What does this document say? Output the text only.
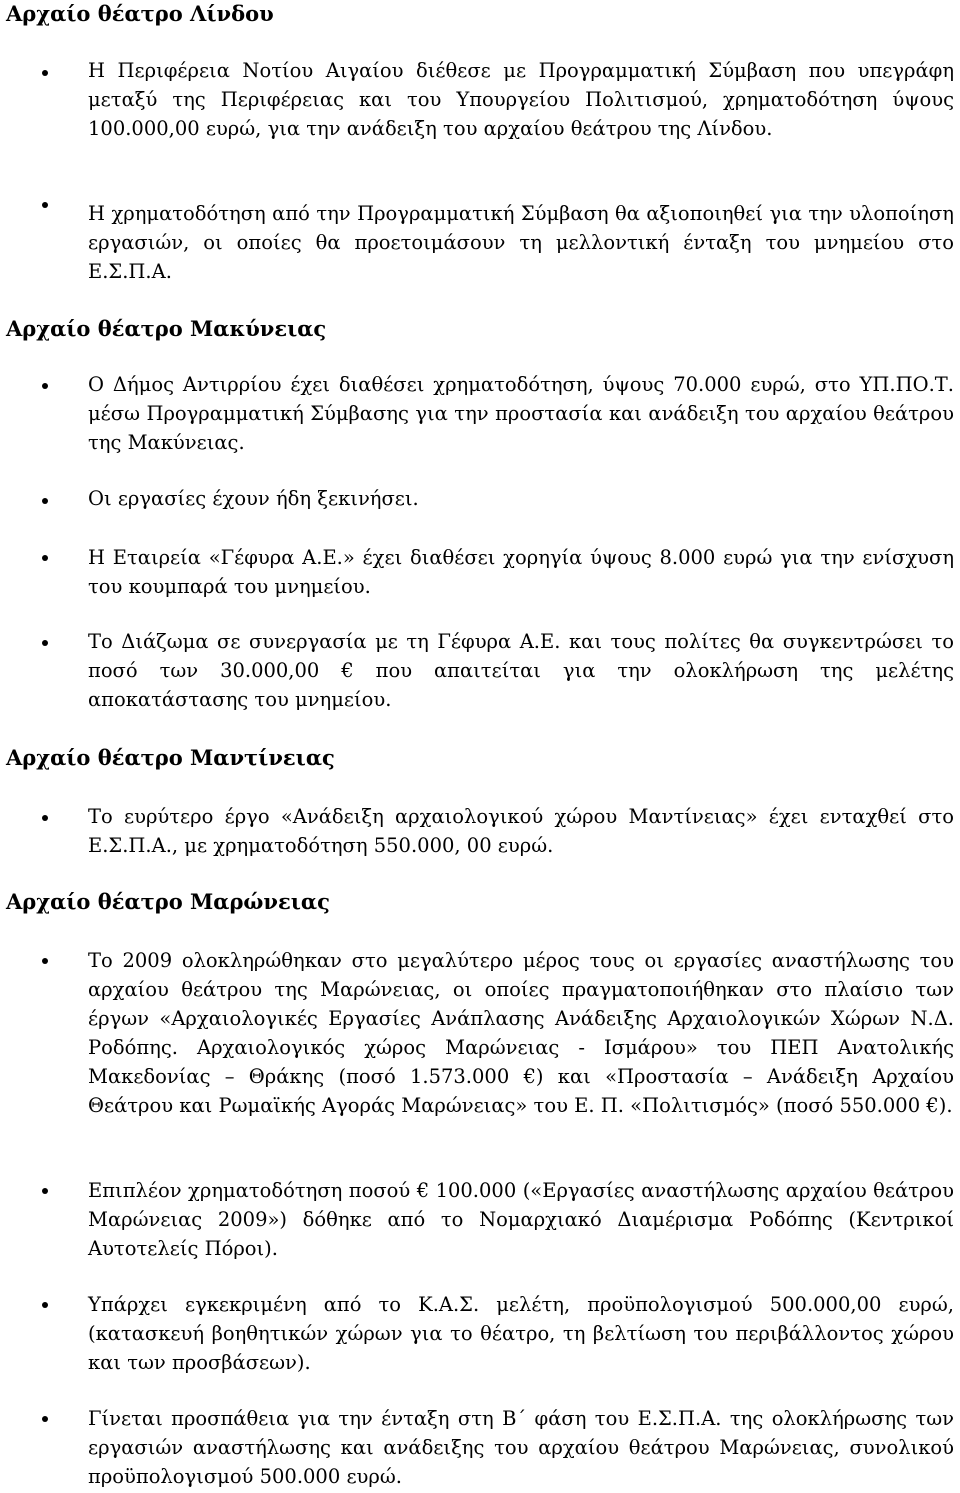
Αρχαίο θέατρο Λίνδου

Η Περιφέρεια Νοτίου Αιγαίου διέθεσε με Προγραμματική Σύμβαση που υπεγράφη μεταξύ της Περιφέρειας και του Υπουργείου Πολιτισμού, χρηματοδότηση ύψους 100.000,00 ευρώ, για την ανάδειξη του αρχαίου θεάτρου της Λίνδου.

Η χρηματοδότηση από την Προγραμματική Σύμβαση θα αξιοποιηθεί για την υλοποίηση εργασιών, οι οποίες θα προετοιμάσουν τη μελλοντική ένταξη του μνημείου στο Ε.Σ.Π.Α.

Αρχαίο θέατρο Μακύνειας

Ο Δήμος Αντιρρίου έχει διαθέσει χρηματοδότηση, ύψους 70.000 ευρώ, στο ΥΠ.ΠΟ.Τ. μέσω Προγραμματική Σύμβασης για την προστασία και ανάδειξη του αρχαίου θεάτρου της Μακύνειας.

Οι εργασίες έχουν ήδη ξεκινήσει.

Η Εταιρεία «Γέφυρα Α.Ε.» έχει διαθέσει χορηγία ύψους 8.000 ευρώ για την ενίσχυση του κουμπαρά του μνημείου.

Το Διάζωμα σε συνεργασία με τη Γέφυρα Α.Ε. και τους πολίτες θα συγκεντρώσει το ποσό των 30.000,00 € που απαιτείται για την ολοκλήρωση της μελέτης αποκατάστασης του μνημείου.

Αρχαίο θέατρο Μαντίνειας

Το ευρύτερο έργο «Ανάδειξη αρχαιολογικού χώρου Μαντίνειας» έχει ενταχθεί στο Ε.Σ.Π.Α., με χρηματοδότηση 550.000, 00 ευρώ.

Αρχαίο θέατρο Μαρώνειας

Το 2009 ολοκληρώθηκαν στο μεγαλύτερο μέρος τους οι εργασίες αναστήλωσης του αρχαίου θεάτρου της Μαρώνειας, οι οποίες πραγματοποιήθηκαν στο πλαίσιο των έργων «Αρχαιολογικές Εργασίες Ανάπλασης Ανάδειξης Αρχαιολογικών Χώρων Ν.Δ. Ροδόπης. Αρχαιολογικός χώρος Μαρώνειας - Ισμάρου» του ΠΕΠ Ανατολικής Μακεδονίας – Θράκης (ποσό 1.573.000 €) και «Προστασία – Ανάδειξη Αρχαίου Θεάτρου και Ρωμαϊκής Αγοράς Μαρώνειας» του Ε. Π. «Πολιτισμός» (ποσό 550.000 €).

Επιπλέον χρηματοδότηση ποσού € 100.000 («Εργασίες αναστήλωσης αρχαίου θεάτρου Μαρώνειας 2009») δόθηκε από το Νομαρχιακό Διαμέρισμα Ροδόπης (Κεντρικοί Αυτοτελείς Πόροι).

Υπάρχει εγκεκριμένη από το Κ.Α.Σ. μελέτη, προϋπολογισμού 500.000,00 ευρώ, (κατασκευή βοηθητικών χώρων για το θέατρο, τη βελτίωση του περιβάλλοντος χώρου και των προσβάσεων).

Γίνεται προσπάθεια για την ένταξη στη Β΄ φάση του Ε.Σ.Π.Α. της ολοκλήρωσης των εργασιών αναστήλωσης και ανάδειξης του αρχαίου θεάτρου Μαρώνειας, συνολικού προϋπολογισμού 500.000 ευρώ.
